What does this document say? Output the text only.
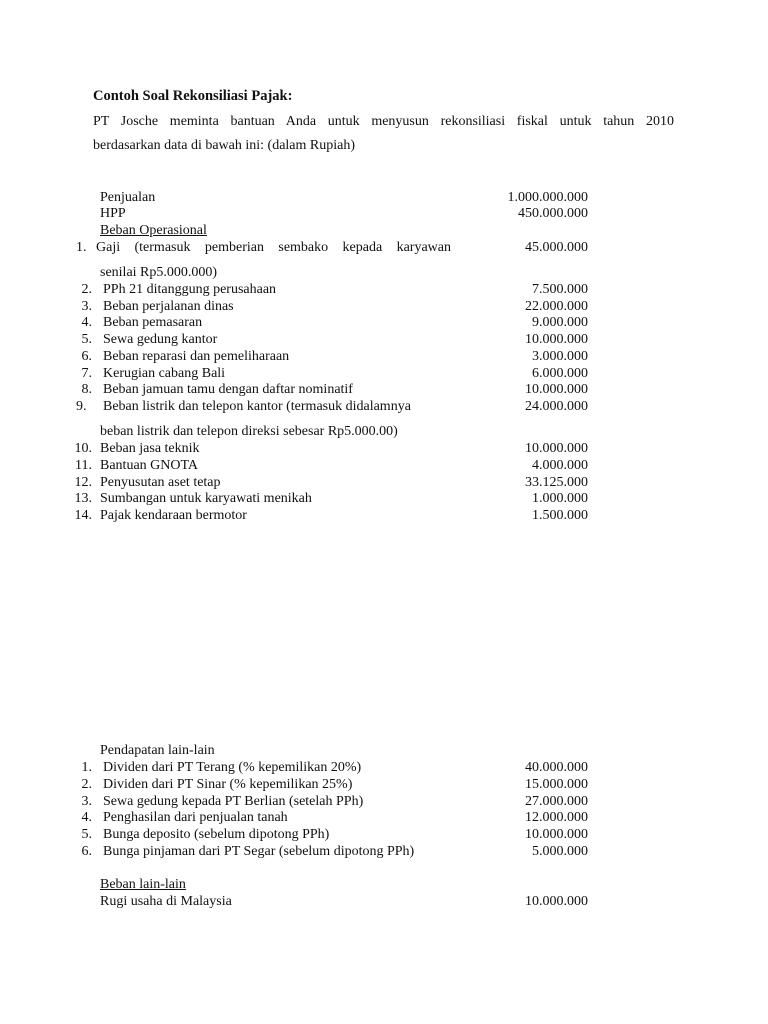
Contoh Soal Rekonsiliasi Pajak:
PT Josche meminta bantuan Anda untuk menyusun rekonsiliasi fiskal untuk tahun 2010
berdasarkan data di bawah ini: (dalam Rupiah)
Penjualan	1.000.000.000
HPP	450.000.000
Beban Operasional
1. Gaji (termasuk pemberian sembako kepada karyawan	45.000.000
senilai Rp5.000.000)
2. PPh 21 ditanggung perusahaan	7.500.000
3. Beban perjalanan dinas	22.000.000
4. Beban pemasaran	9.000.000
5. Sewa gedung kantor	10.000.000
6. Beban reparasi dan pemeliharaan	3.000.000
7. Kerugian cabang Bali	6.000.000
8. Beban jamuan tamu dengan daftar nominatif	10.000.000
9. Beban listrik dan telepon kantor (termasuk didalamnya	24.000.000
beban listrik dan telepon direksi sebesar Rp5.000.00)
10. Beban jasa teknik	10.000.000
11. Bantuan GNOTA	4.000.000
12. Penyusutan aset tetap	33.125.000
13. Sumbangan untuk karyawati menikah	1.000.000
14. Pajak kendaraan bermotor	1.500.000
Pendapatan lain-lain
1. Dividen dari PT Terang (% kepemilikan 20%)	40.000.000
2. Dividen dari PT Sinar (% kepemilikan 25%)	15.000.000
3. Sewa gedung kepada PT Berlian (setelah PPh)	27.000.000
4. Penghasilan dari penjualan tanah	12.000.000
5. Bunga deposito (sebelum dipotong PPh)	10.000.000
6. Bunga pinjaman dari PT Segar (sebelum dipotong PPh)	5.000.000
Beban lain-lain
Rugi usaha di Malaysia	10.000.000
